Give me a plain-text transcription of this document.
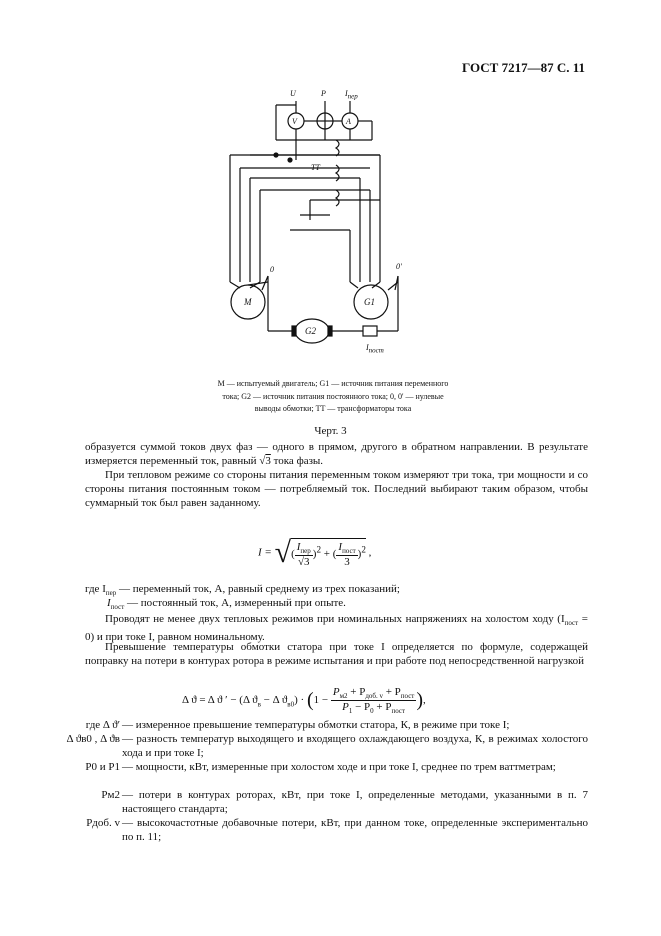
ГОСТ 7217—87 С. 11
U	P $I_{пер}$
V	A
TT
M	G1
G2
0	0'
$I_{пост}$
M — испытуемый двигатель; G1 — источник питания переменного
тока; G2 — источник питания постоянного тока; 0, 0' — нулевые
выводы обмотки; TT — трансформаторы тока
Черт. 3
образуется суммой токов двух фаз — одного в прямом, другого в обратном направлении. В результате измеряется переменный ток, равный √3 тока фазы.
При тепловом режиме со стороны питания переменным током измеряют три тока, три мощности и со стороны питания постоянным током — потребляемый ток. Последний выбирают таким образом, чтобы суммарный ток был равен заданному.
I = √( $\frac{I_{пер}}{√3} )^2$ + ( $\frac{I_{пост}}{3} )^2$ ,
где $I_{пер}$ — переменный ток, А, равный среднему из трех показаний;
$I_{пост}$ — постоянный ток, А, измеренный при опыте.
Проводят не менее двух тепловых режимов при номинальных напряжениях на холостом ходу $(I_{пост} = 0)$ и при токе I, равном номинальному.
Превышение температуры обмотки статора при токе I определяется по формуле, содержащей поправку на потери в контурах ротора в режиме испытания и при работе под непосредственной нагрузкой
Δ ϑ = Δ ϑ ′ − (Δ $ϑ_в - \Delta$ $ϑ_{в0}) \cdot (1 - \frac{P_{м2} + P_{доб. v} + P_{пост}}{P_1 - P_0 + P_{пост}}$ ),
где Δ ϑ′ — измеренное превышение температуры обмотки статора, К, в режиме при токе I;
Δ ϑв0 , Δ ϑв — разность температур выходящего и входящего охлаждающего воздуха, К, в режимах холостого хода и при токе I;
P0 и P1 — мощности, кВт, измеренные при холостом ходе и при токе I, среднее по трем ваттметрам;
Pм2 — потери в контурах роторах, кВт, при токе I, определенные методами, указанными в п. 7 настоящего стандарта;
Pдоб. v — высокочастотные добавочные потери, кВт, при данном токе, определенные экспериментально по п. 11;
